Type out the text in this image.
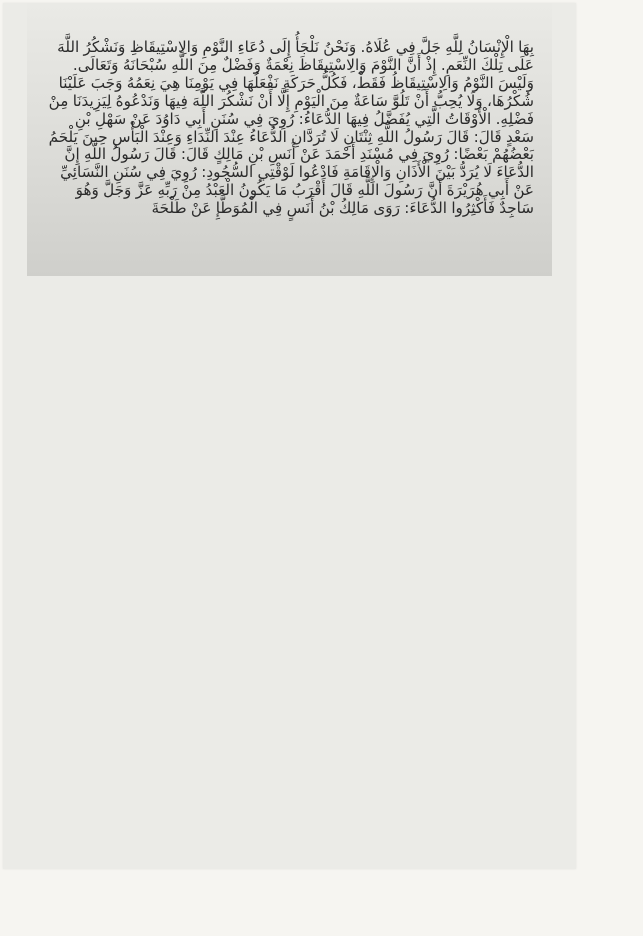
بِهَا الْإِنْسَانُ لِلَّهِ جَلَّ فِي عُلَاهُ. وَنَحْنُ نَلْجَأُ إِلَى دُعَاءِ النَّوْمِ وَالِاسْتِيقَاظِ وَنَشْكُرُ اللَّهَ عَلَى تِلْكَ النِّعَمِ. إِذْ أَنَّ النَّوْمَ وَالِاسْتِيقَاظَ نِعْمَةٌ وَفَضْلٌ مِنَ اللَّهِ سُبْحَانَهُ وَتَعَالَى. وَلَيْسَ النَّوْمُ وَالِاسْتِيقَاظُ فَقَطْ، فَكُلُّ حَرَكَةٍ نَفْعَلُهَا فِي يَوْمِنَا هِيَ نِعَمُهُ وَجَبَ عَلَيْنَا شُكْرُهَا، وَلَا يُحِبُّ أَنْ تَلُوَّ سَاعَةٌ مِنَ الْيَوْمِ إِلَّا أَنْ نَشْكُرَ اللَّهَ فِيهَا وَنَدْعُوهُ لِيَزِيدَنَا مِنْ فَضْلِهِ. الْأَوْقَاتُ الَّتِي يُفَضَّلُ فِيهَا الدُّعَاءُ: رُوِيَ فِي سُنَنِ أَبِي دَاوُدَ عَنْ سَهْلِ بْنِ سَعْدٍ قَالَ: قَالَ رَسُولُ اللَّهِ ثِنْتَانِ لَا تُرَدَّانِ الدُّعَاءُ عِنْدَ النِّدَاءِ وَعِنْدَ الْبَأْسِ حِينَ يَلْحَمُ بَعْضُهُمْ بَعْضًا: رُوِيَ فِي مُسْنَدِ أَحْمَدَ عَنْ أَنَسِ بْنِ مَالِكٍ قَالَ: قَالَ رَسُولُ اللَّهِ إِنَّ الدُّعَاءَ لَا يُرَدُّ بَيْنَ الْأَذَانِ وَالْإِقَامَةِ فَادْعُوا لَوْقْتِي السُّجُودِ: رُوِيَ فِي سُنَنِ النَّسَائِيِّ عَنْ أَبِي هُرَيْرَةَ أَنَّ رَسُولَ اللَّهِ قَالَ أَقْرَبُ مَا يَكُونُ الْعَبْدُ مِنْ رَبِّهِ عَزَّ وَجَلَّ وَهُوَ سَاجِدٌ فَأَكْثِرُوا الدُّعَاءَ: رَوَى مَالِكُ بْنُ أَنَسٍ فِي الْمُوَطَّإِ عَنْ طَلْحَةَ
